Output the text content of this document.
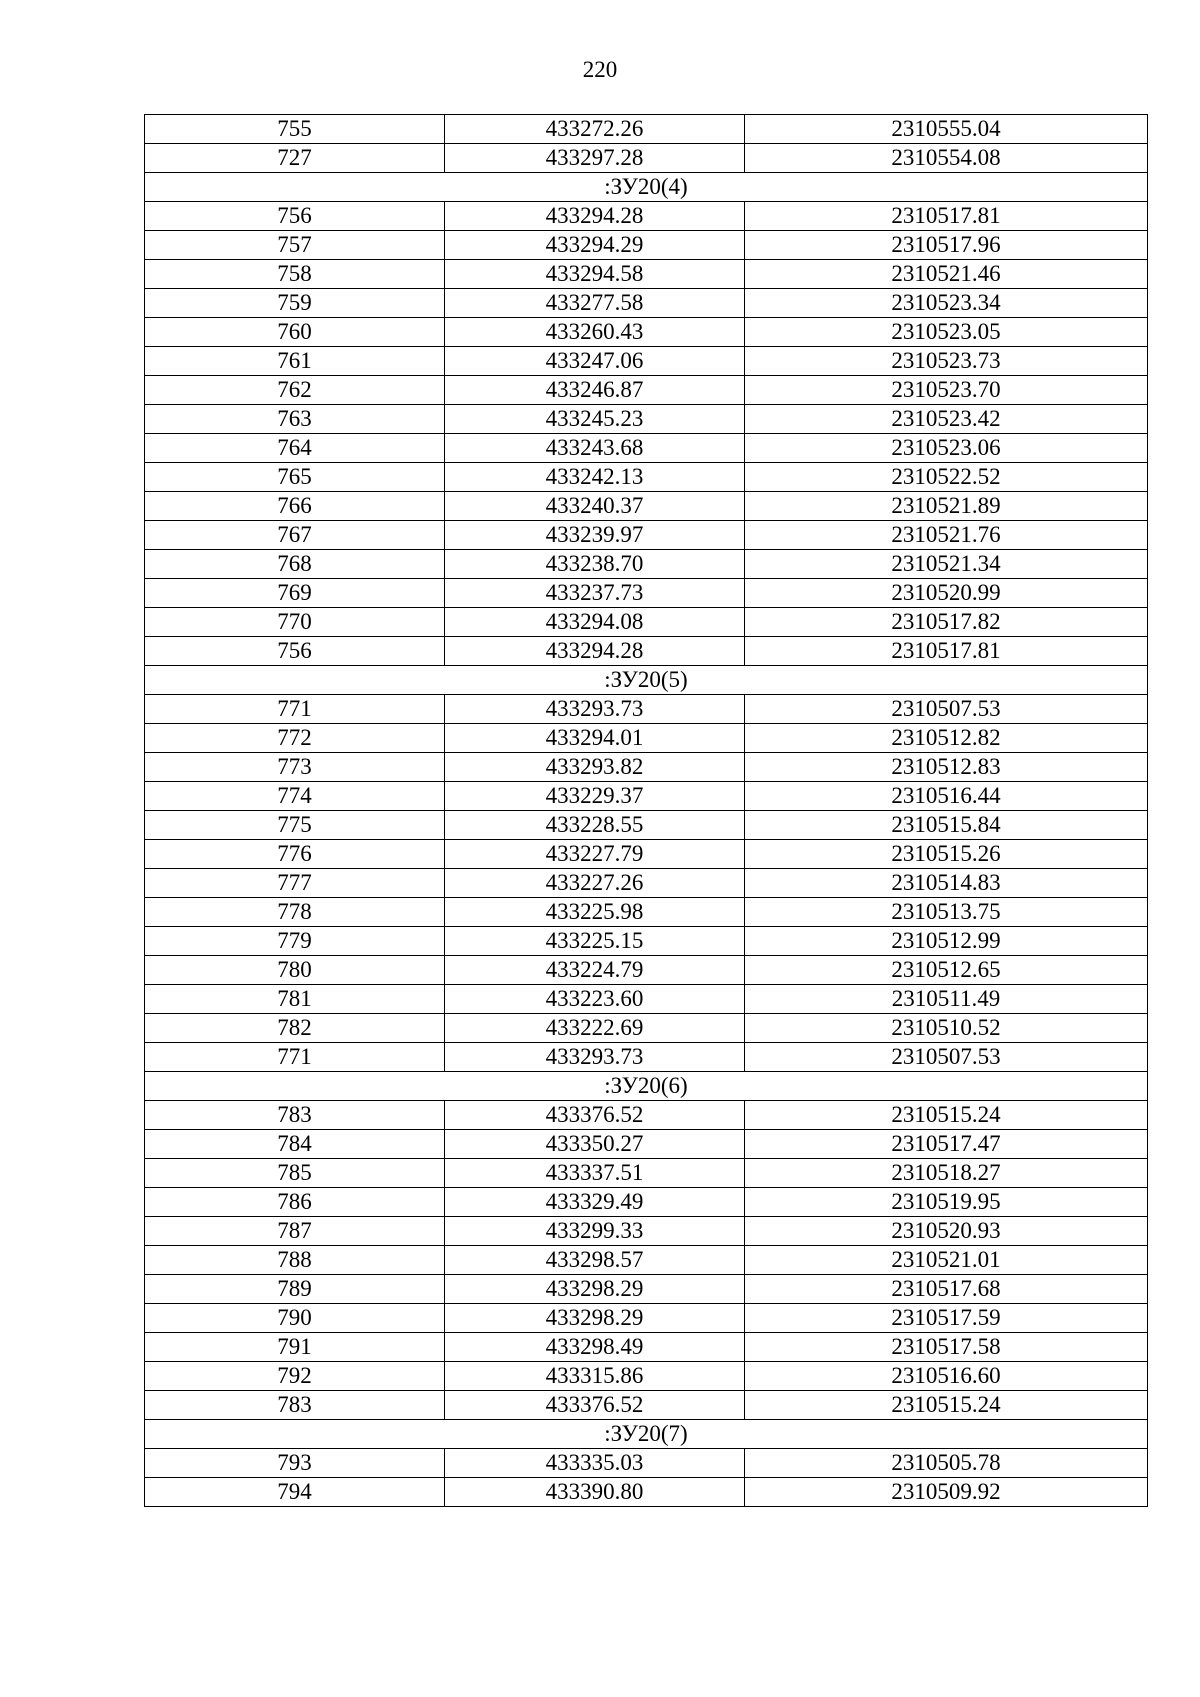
220
755	433272.26	2310555.04
727	433297.28	2310554.08
:ЗУ20(4)		
756	433294.28	2310517.81
757	433294.29	2310517.96
758	433294.58	2310521.46
759	433277.58	2310523.34
760	433260.43	2310523.05
761	433247.06	2310523.73
762	433246.87	2310523.70
763	433245.23	2310523.42
764	433243.68	2310523.06
765	433242.13	2310522.52
766	433240.37	2310521.89
767	433239.97	2310521.76
768	433238.70	2310521.34
769	433237.73	2310520.99
770	433294.08	2310517.82
756	433294.28	2310517.81
:ЗУ20(5)		
771	433293.73	2310507.53
772	433294.01	2310512.82
773	433293.82	2310512.83
774	433229.37	2310516.44
775	433228.55	2310515.84
776	433227.79	2310515.26
777	433227.26	2310514.83
778	433225.98	2310513.75
779	433225.15	2310512.99
780	433224.79	2310512.65
781	433223.60	2310511.49
782	433222.69	2310510.52
771	433293.73	2310507.53
:ЗУ20(6)		
783	433376.52	2310515.24
784	433350.27	2310517.47
785	433337.51	2310518.27
786	433329.49	2310519.95
787	433299.33	2310520.93
788	433298.57	2310521.01
789	433298.29	2310517.68
790	433298.29	2310517.59
791	433298.49	2310517.58
792	433315.86	2310516.60
783	433376.52	2310515.24
:ЗУ20(7)		
793	433335.03	2310505.78
794	433390.80	2310509.92
